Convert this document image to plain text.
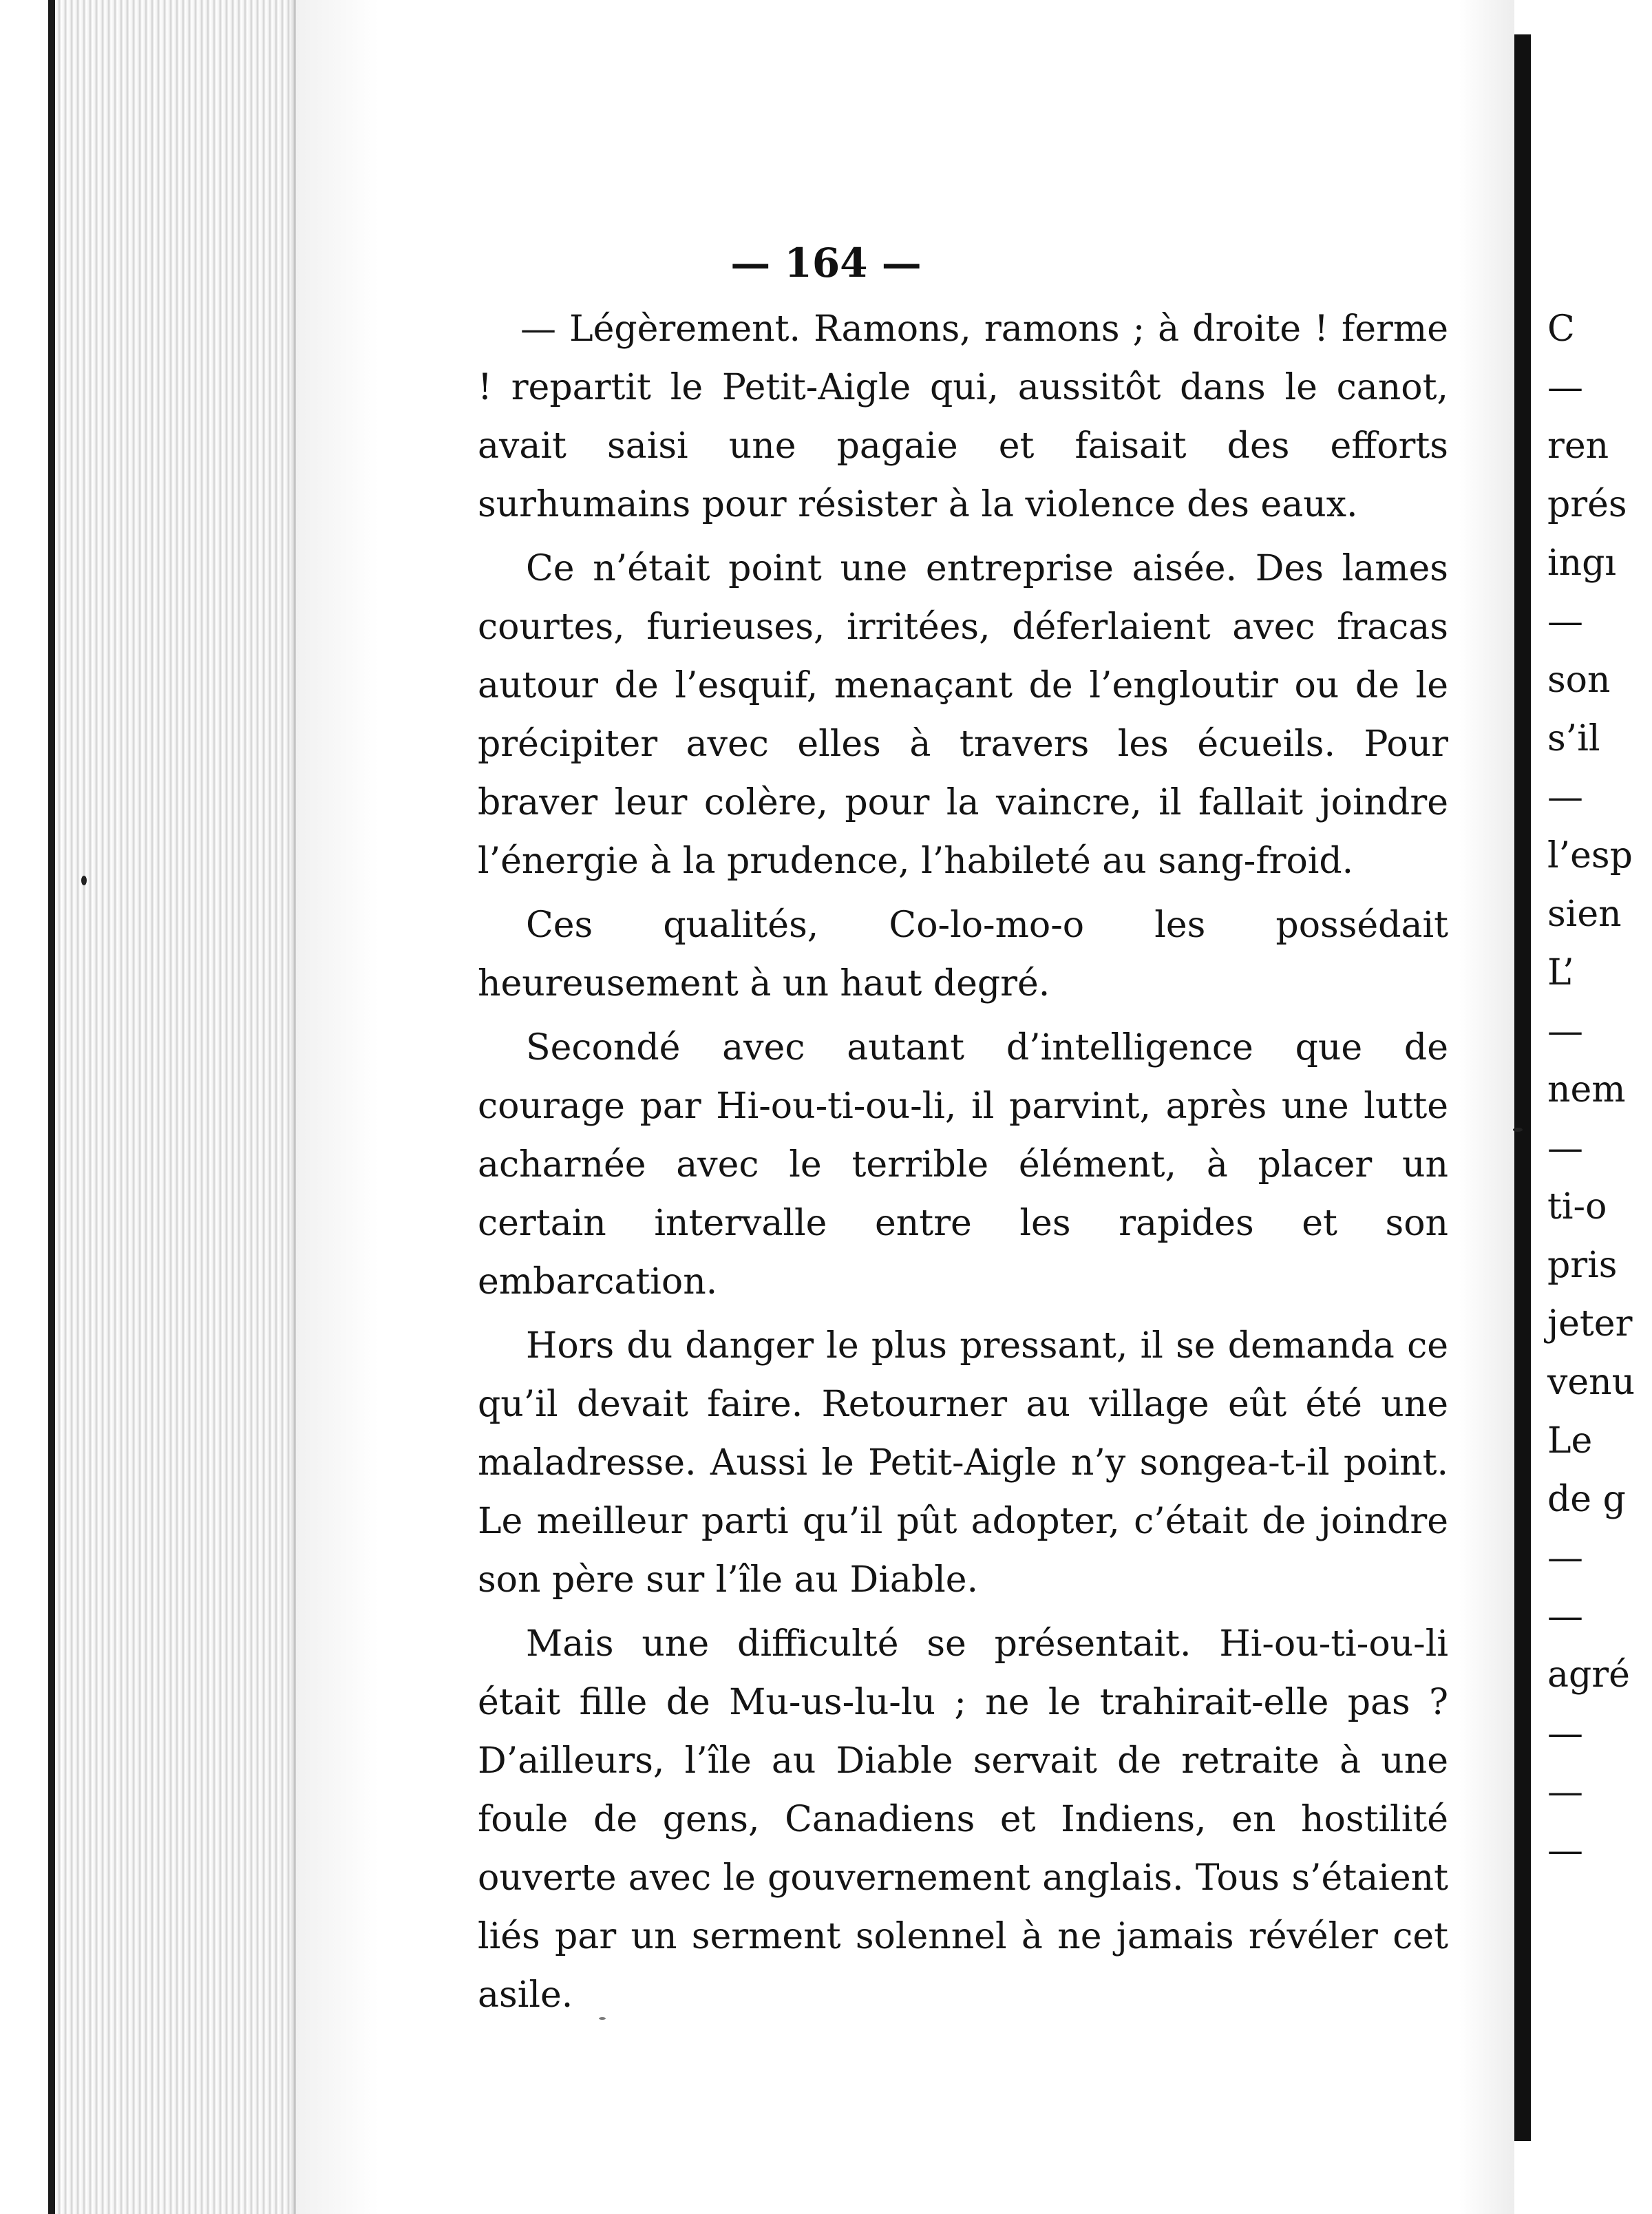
— 164 —

— Légèrement. Ramons, ramons ; à droite ! ferme ! repartit le Petit-Aigle qui, aussitôt dans le canot, avait saisi une pagaie et faisait des efforts surhumains pour résister à la violence des eaux.

Ce n’était point une entreprise aisée. Des lames courtes, furieuses, irritées, déferlaient avec fracas autour de l’esquif, menaçant de l’engloutir ou de le précipiter avec elles à travers les écueils. Pour braver leur colère, pour la vaincre, il fallait joindre l’énergie à la prudence, l’habileté au sang-froid.

Ces qualités, Co-lo-mo-o les possédait heureusement à un haut degré.

Secondé avec autant d’intelligence que de courage par Hi-ou-ti-ou-li, il parvint, après une lutte acharnée avec le terrible élément, à placer un certain intervalle entre les rapides et son embarcation.

Hors du danger le plus pressant, il se demanda ce qu’il devait faire. Retourner au village eût été une maladresse. Aussi le Petit-Aigle n’y songea-t-il point. Le meilleur parti qu’il pût adopter, c’était de joindre son père sur l’île au Diable.

Mais une difficulté se présentait. Hi-ou-ti-ou-li était fille de Mu-us-lu-lu ; ne le trahirait-elle pas ? D’ailleurs, l’île au Diable servait de retraite à une foule de gens, Canadiens et Indiens, en hostilité ouverte avec le gouvernement anglais. Tous s’étaient liés par un serment solennel à ne jamais révéler cet asile.

C
—
ren
prés
ingı
—
son
s’il
—
l’esp
sien
L’
—
nem
—
ti-o
pris
jeter
venu
Le
de g
—
—
agré
—
—
—
